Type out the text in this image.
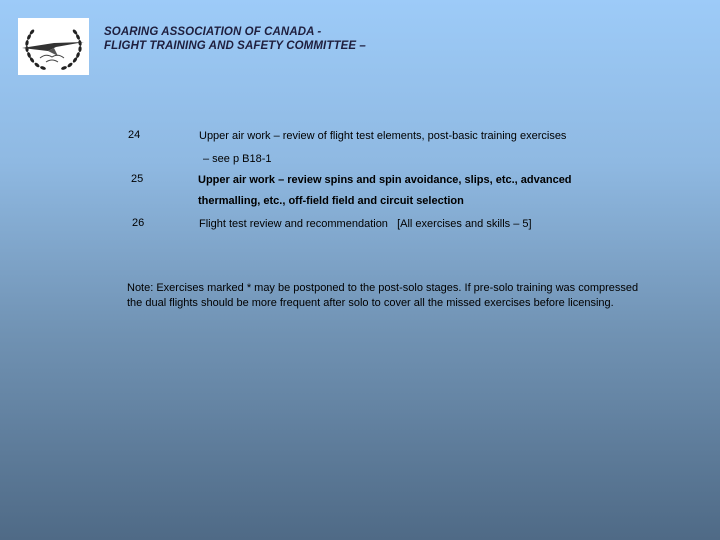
SOARING ASSOCIATION OF CANADA -
FLIGHT TRAINING AND SAFETY COMMITTEE –
24	Upper air work – review of flight test elements, post-basic training exercises
– see p B18-1
25	Upper air work – review spins and spin avoidance, slips, etc., advanced
thermalling, etc., off-field field and circuit selection
26	Flight test review and recommendation   [All exercises and skills – 5]
Note: Exercises marked * may be postponed to the post-solo stages. If pre-solo training was compressed the dual flights should be more frequent after solo to cover all the missed exercises before licensing.
